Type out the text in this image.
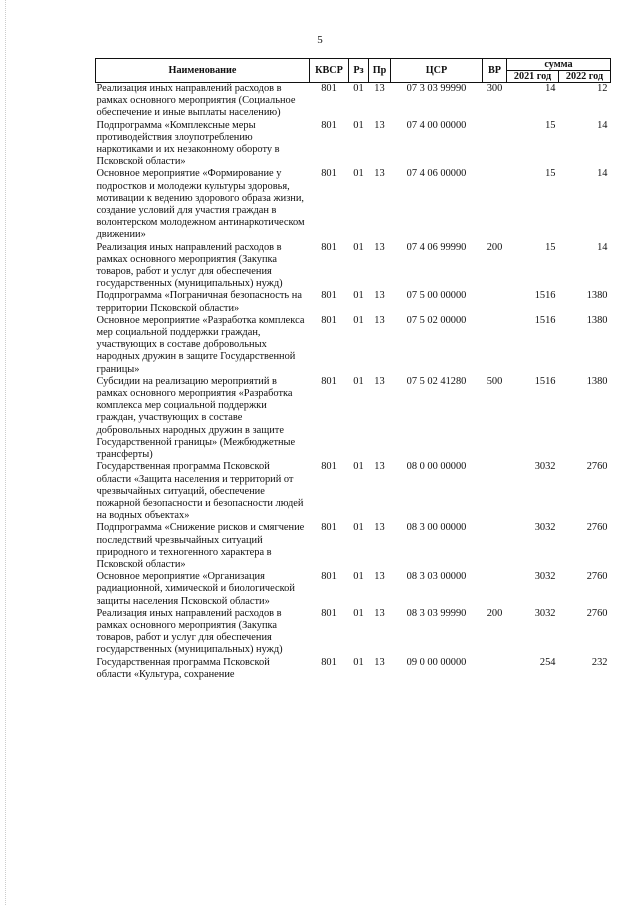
5
Наименование	КВСР	Рз	Пр	ЦСР	ВР	сумма	
						2021 год	2022 год
Реализация иных направлений расходов в рамках основного мероприятия (Социальное обеспечение и иные выплаты населению)	801	01	13	07 3 03 99990	300	14	12
Подпрограмма «Комплексные меры противодействия злоупотреблению наркотиками и их незаконному обороту в Псковской области»	801	01	13	07 4 00 00000		15	14
Основное мероприятие «Формирование у подростков и молодежи культуры здоровья, мотивации к ведению здорового образа жизни, создание условий для участия граждан в волонтерском молодежном антинаркотическом движении»	801	01	13	07 4 06 00000		15	14
Реализация иных направлений расходов в рамках основного мероприятия (Закупка товаров, работ и услуг для обеспечения государственных (муниципальных) нужд)	801	01	13	07 4 06 99990	200	15	14
Подпрограмма «Пограничная безопасность на территории Псковской области»	801	01	13	07 5 00 00000		1516	1380
Основное мероприятие «Разработка комплекса мер социальной поддержки граждан, участвующих в составе добровольных народных дружин в защите Государственной границы»	801	01	13	07 5 02 00000		1516	1380
Субсидии на реализацию мероприятий в рамках основного мероприятия «Разработка комплекса мер социальной поддержки граждан, участвующих в составе добровольных народных дружин в защите Государственной границы» (Межбюджетные трансферты)	801	01	13	07 5 02 41280	500	1516	1380
Государственная программа Псковской области «Защита населения и территорий от чрезвычайных ситуаций, обеспечение пожарной безопасности и безопасности людей на водных объектах»	801	01	13	08 0 00 00000		3032	2760
Подпрограмма «Снижение рисков и смягчение последствий чрезвычайных ситуаций природного и техногенного характера в Псковской области»	801	01	13	08 3 00 00000		3032	2760
Основное мероприятие «Организация радиационной, химической и биологической защиты населения Псковской области»	801	01	13	08 3 03 00000		3032	2760
Реализация иных направлений расходов в рамках основного мероприятия (Закупка товаров, работ и услуг для обеспечения государственных (муниципальных) нужд)	801	01	13	08 3 03 99990	200	3032	2760
Государственная программа Псковской области «Культура, сохранение	801	01	13	09 0 00 00000		254	232
